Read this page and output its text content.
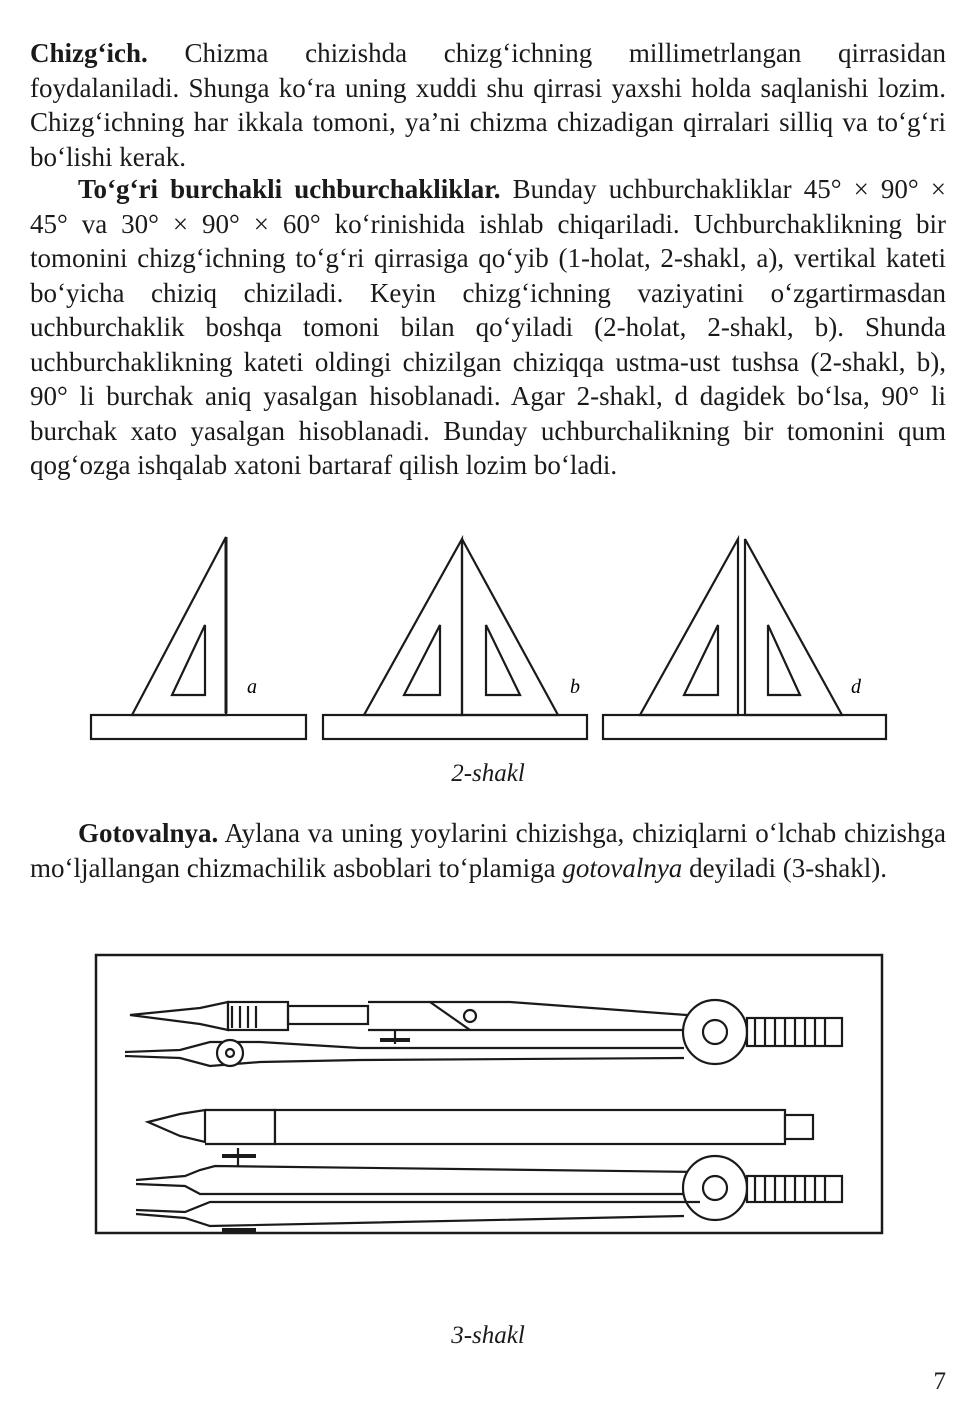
Chizg‘ich. Chizma chizishda chizg‘ichning millimetrlangan qirrasidan foydalaniladi. Shunga ko‘ra uning xuddi shu qirrasi yaxshi holda saqlanishi lozim. Chizg‘ichning har ikkala tomoni, ya’ni chizma chizadigan qirralari silliq va to‘g‘ri bo‘lishi kerak.

To‘g‘ri burchakli uchburchakliklar. Bunday uchburchakliklar 45° × 90° × 45° va 30° × 90° × 60° ko‘rinishida ishlab chiqariladi. Uchburchaklikning bir tomonini chizg‘ichning to‘g‘ri qirrasiga qo‘yib (1-holat, 2-shakl, a), vertikal kateti bo‘yicha chiziq chiziladi. Keyin chizg‘ichning vaziyatini o‘zgartirmasdan uchburchaklik boshqa tomoni bilan qo‘yiladi (2-holat, 2-shakl, b). Shunda uchburchaklikning kateti oldingi chizilgan chiziqqa ustma-ust tushsa (2-shakl, b), 90° li burchak aniq yasalgan hisoblanadi. Agar 2-shakl, d dagidek bo‘lsa, 90° li burchak xato yasalgan hisoblanadi. Bunday uchburchalikning bir tomonini qum qog‘ozga ishqalab xatoni bartaraf qilish lozim bo‘ladi.

a	b	d
2-shakl

Gotovalnya. Aylana va uning yoylarini chizishga, chiziqlarni o‘lchab chizishga mo‘ljallangan chizmachilik asboblari to‘plamiga gotovalnya deyiladi (3-shakl).

3-shakl
7
